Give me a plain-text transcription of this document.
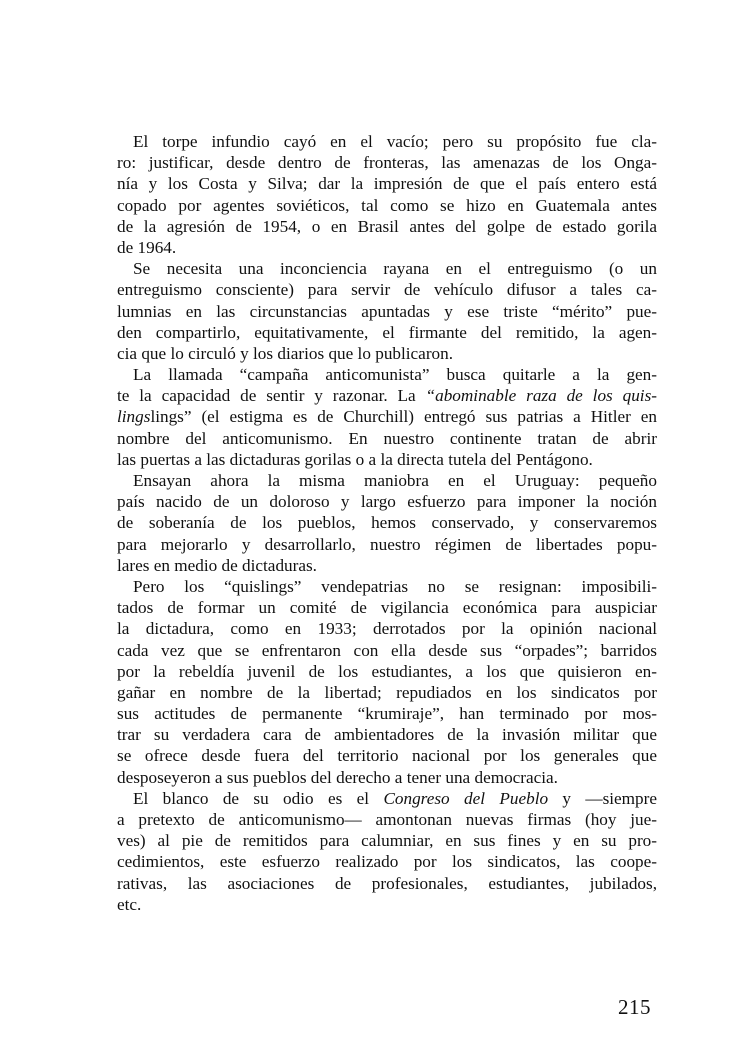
El torpe infundio cayó en el vacío; pero su propósito fue cla-
ro: justificar, desde dentro de fronteras, las amenazas de los Onga-
nía y los Costa y Silva; dar la impresión de que el país entero está
copado por agentes soviéticos, tal como se hizo en Guatemala antes
de la agresión de 1954, o en Brasil antes del golpe de estado gorila
de 1964.
Se necesita una inconciencia rayana en el entreguismo (o un
entreguismo consciente) para servir de vehículo difusor a tales ca-
lumnias en las circunstancias apuntadas y ese triste “mérito” pue-
den compartirlo, equitativamente, el firmante del remitido, la agen-
cia que lo circuló y los diarios que lo publicaron.
La llamada “campaña anticomunista” busca quitarle a la gen-
te la capacidad de sentir y razonar. La “abominable raza de los quis-
lingslings” (el estigma es de Churchill) entregó sus patrias a Hitler en
nombre del anticomunismo. En nuestro continente tratan de abrir
las puertas a las dictaduras gorilas o a la directa tutela del Pentágono.
Ensayan ahora la misma maniobra en el Uruguay: pequeño
país nacido de un doloroso y largo esfuerzo para imponer la noción
de soberanía de los pueblos, hemos conservado, y conservaremos
para mejorarlo y desarrollarlo, nuestro régimen de libertades popu-
lares en medio de dictaduras.
Pero los “quislings” vendepatrias no se resignan: imposibili-
tados de formar un comité de vigilancia económica para auspiciar
la dictadura, como en 1933; derrotados por la opinión nacional
cada vez que se enfrentaron con ella desde sus “orpades”; barridos
por la rebeldía juvenil de los estudiantes, a los que quisieron en-
gañar en nombre de la libertad; repudiados en los sindicatos por
sus actitudes de permanente “krumiraje”, han terminado por mos-
trar su verdadera cara de ambientadores de la invasión militar que
se ofrece desde fuera del territorio nacional por los generales que
desposeyeron a sus pueblos del derecho a tener una democracia.
El blanco de su odio es el Congreso del Pueblo y —siempre
a pretexto de anticomunismo— amontonan nuevas firmas (hoy jue-
ves) al pie de remitidos para calumniar, en sus fines y en su pro-
cedimientos, este esfuerzo realizado por los sindicatos, las coope-
rativas, las asociaciones de profesionales, estudiantes, jubilados,
etc.
215
